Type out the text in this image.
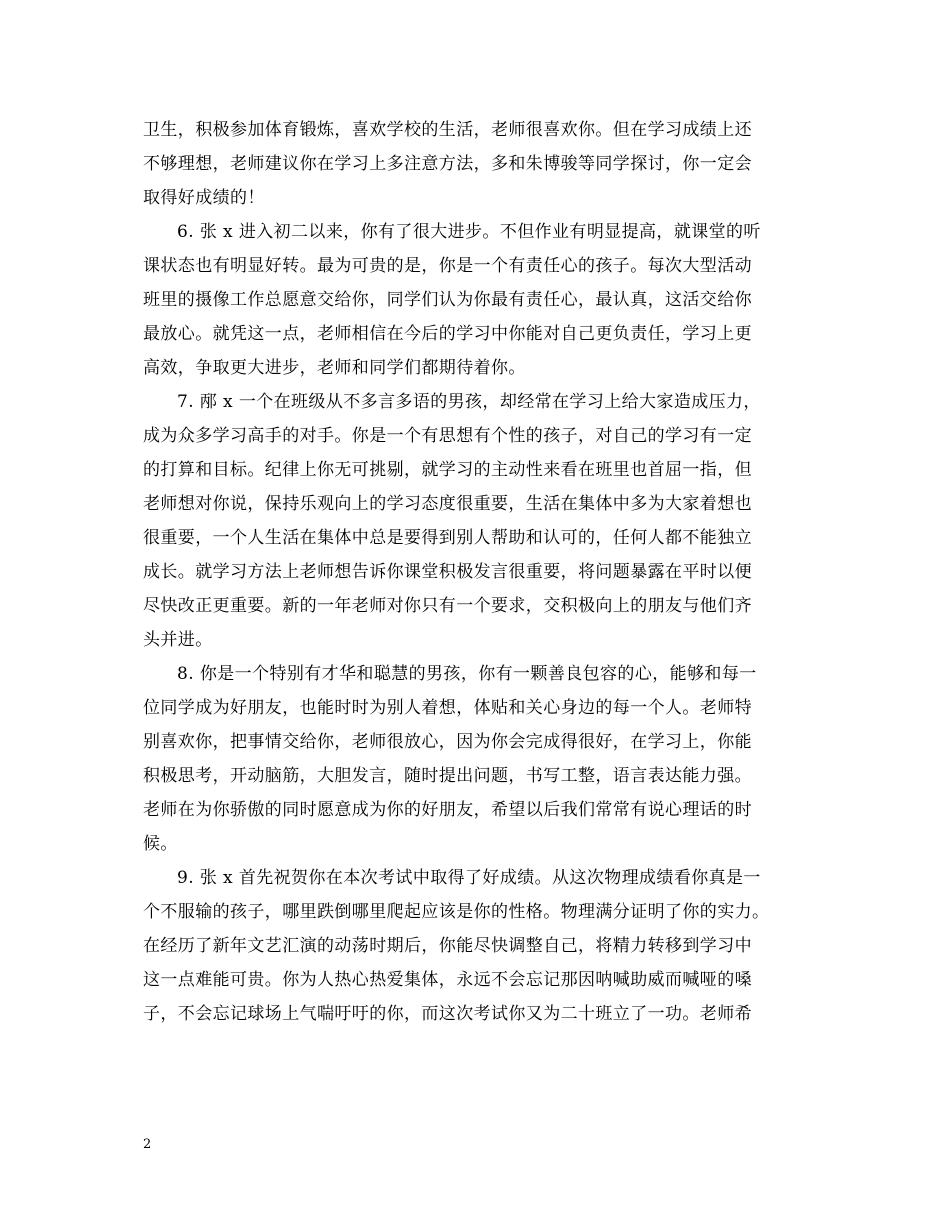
卫生，积极参加体育锻炼，喜欢学校的生活，老师很喜欢你。但在学习成绩上还
不够理想，老师建议你在学习上多注意方法，多和朱博骏等同学探讨，你一定会
取得好成绩的！
6. 张 x 进入初二以来，你有了很大进步。不但作业有明显提高，就课堂的听
课状态也有明显好转。最为可贵的是，你是一个有责任心的孩子。每次大型活动
班里的摄像工作总愿意交给你，同学们认为你最有责任心，最认真，这活交给你
最放心。就凭这一点，老师相信在今后的学习中你能对自己更负责任，学习上更
高效，争取更大进步，老师和同学们都期待着你。
7. 邴 x 一个在班级从不多言多语的男孩，却经常在学习上给大家造成压力，
成为众多学习高手的对手。你是一个有思想有个性的孩子，对自己的学习有一定
的打算和目标。纪律上你无可挑剔，就学习的主动性来看在班里也首屈一指，但
老师想对你说，保持乐观向上的学习态度很重要，生活在集体中多为大家着想也
很重要，一个人生活在集体中总是要得到别人帮助和认可的，任何人都不能独立
成长。就学习方法上老师想告诉你课堂积极发言很重要，将问题暴露在平时以便
尽快改正更重要。新的一年老师对你只有一个要求，交积极向上的朋友与他们齐
头并进。
8. 你是一个特别有才华和聪慧的男孩，你有一颗善良包容的心，能够和每一
位同学成为好朋友，也能时时为别人着想，体贴和关心身边的每一个人。老师特
别喜欢你，把事情交给你，老师很放心，因为你会完成得很好，在学习上，你能
积极思考，开动脑筋，大胆发言，随时提出问题，书写工整，语言表达能力强。
老师在为你骄傲的同时愿意成为你的好朋友，希望以后我们常常有说心理话的时
候。
9. 张 x 首先祝贺你在本次考试中取得了好成绩。从这次物理成绩看你真是一
个不服输的孩子，哪里跌倒哪里爬起应该是你的性格。物理满分证明了你的实力。
在经历了新年文艺汇演的动荡时期后，你能尽快调整自己，将精力转移到学习中
这一点难能可贵。你为人热心热爱集体，永远不会忘记那因呐喊助威而喊哑的嗓
子，不会忘记球场上气喘吁吁的你，而这次考试你又为二十班立了一功。老师希
2
